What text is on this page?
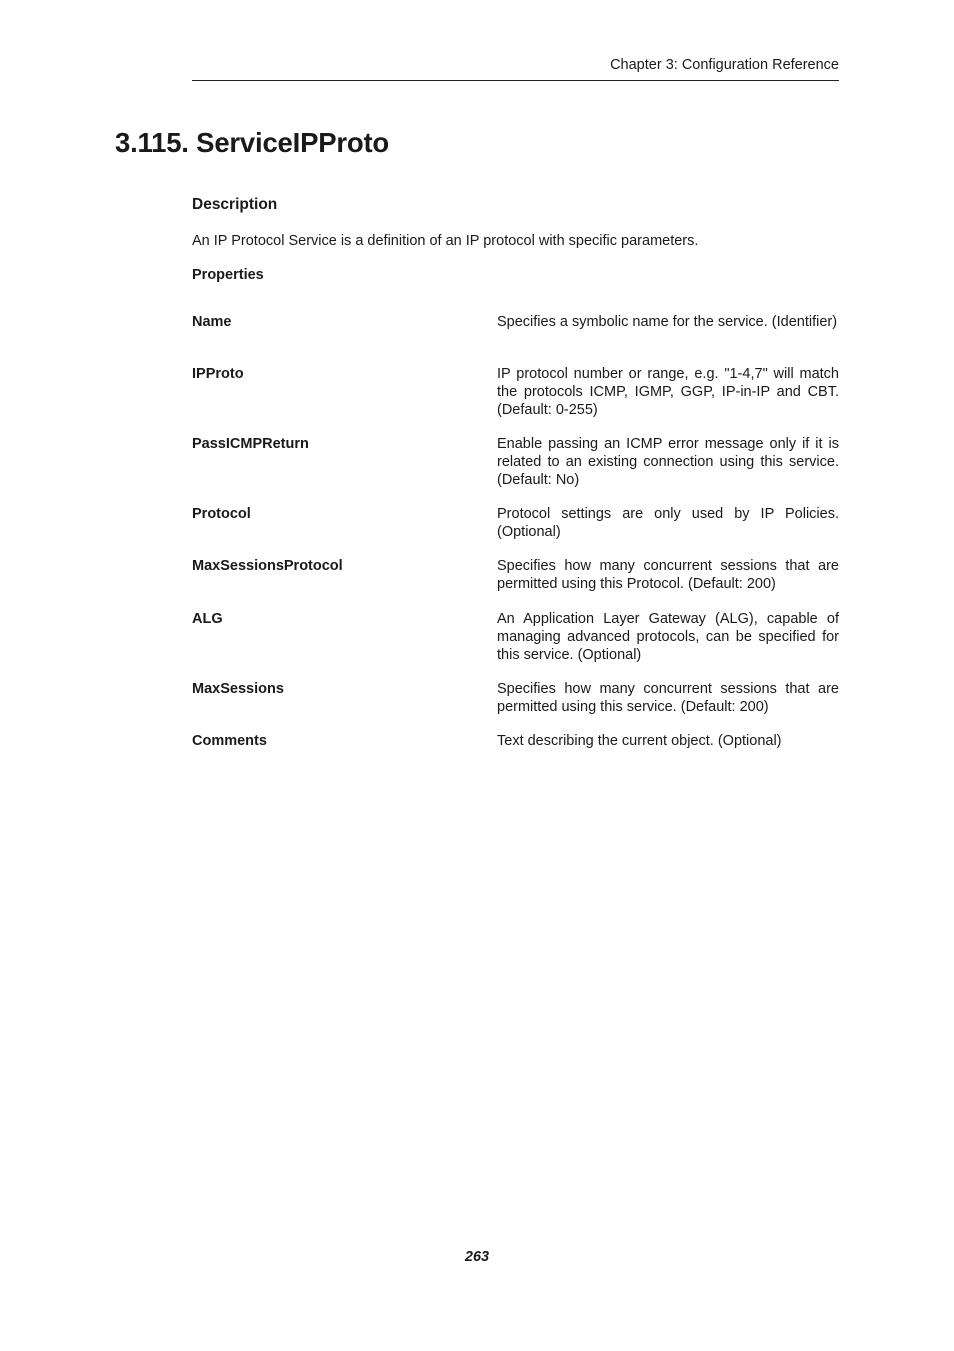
Chapter 3: Configuration Reference
3.115. ServiceIPProto
Description

An IP Protocol Service is a definition of an IP protocol with specific parameters.

Properties
Name	Specifies a symbolic name for the service. (Identifier)
IPProto	IP protocol number or range, e.g. "1-4,7" will match the protocols ICMP, IGMP, GGP, IP-in-IP and CBT. (Default: 0-255)
PassICMPReturn	Enable passing an ICMP error message only if it is related to an existing connection using this service. (Default: No)
Protocol	Protocol settings are only used by IP Policies. (Optional)
MaxSessionsProtocol	Specifies how many concurrent sessions that are permitted using this Protocol. (Default: 200)
ALG	An Application Layer Gateway (ALG), capable of managing advanced protocols, can be specified for this service. (Optional)
MaxSessions	Specifies how many concurrent sessions that are permitted using this service. (Default: 200)
Comments	Text describing the current object. (Optional)
263
